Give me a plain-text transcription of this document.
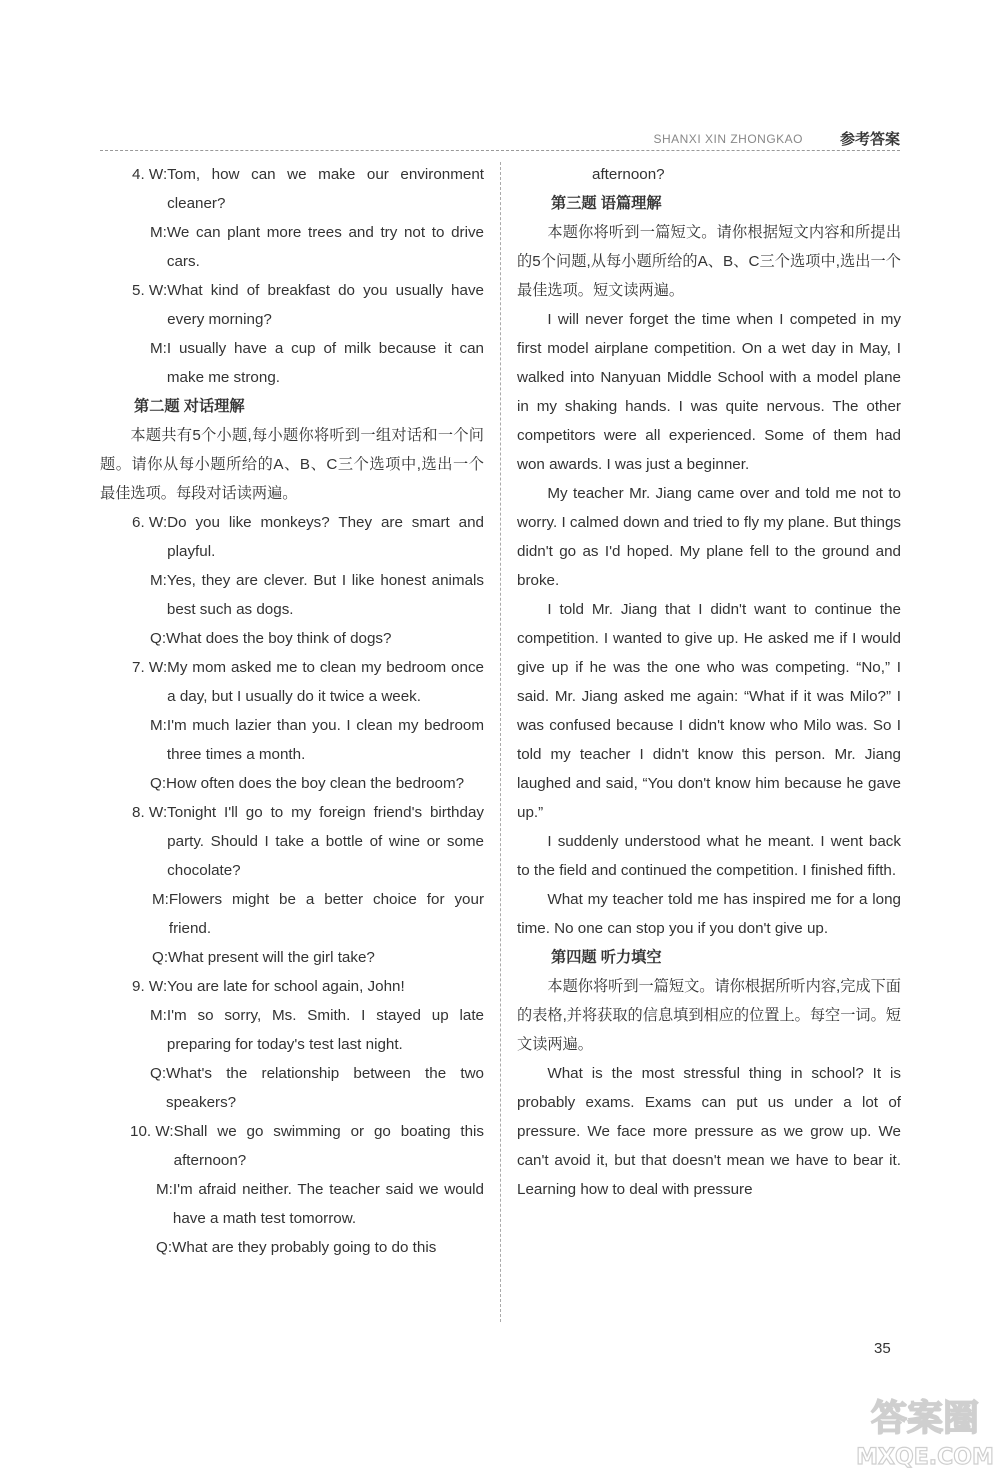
SHANXI XIN ZHONGKAO 参考答案
4. W: Tom, how can we make our environment cleaner?
M: We can plant more trees and try not to drive cars.
5. W: What kind of breakfast do you usually have every morning?
M: I usually have a cup of milk because it can make me strong.
第二题 对话理解
本题共有5个小题,每小题你将听到一组对话和一个问题。请你从每小题所给的A、B、C三个选项中,选出一个最佳选项。每段对话读两遍。
6. W: Do you like monkeys? They are smart and playful.
M: Yes, they are clever. But I like honest animals best such as dogs.
Q: What does the boy think of dogs?
7. W: My mom asked me to clean my bedroom once a day, but I usually do it twice a week.
M: I'm much lazier than you. I clean my bedroom three times a month.
Q: How often does the boy clean the bedroom?
8. W: Tonight I'll go to my foreign friend's birthday party. Should I take a bottle of wine or some chocolate?
M: Flowers might be a better choice for your friend.
Q: What present will the girl take?
9. W: You are late for school again, John!
M: I'm so sorry, Ms. Smith. I stayed up late preparing for today's test last night.
Q: What's the relationship between the two speakers?
10. W: Shall we go swimming or go boating this afternoon?
M: I'm afraid neither. The teacher said we would have a math test tomorrow.
Q: What are they probably going to do this
afternoon?
第三题 语篇理解
本题你将听到一篇短文。请你根据短文内容和所提出的5个问题,从每小题所给的A、B、C三个选项中,选出一个最佳选项。短文读两遍。
I will never forget the time when I competed in my first model airplane competition. On a wet day in May, I walked into Nanyuan Middle School with a model plane in my shaking hands. I was quite nervous. The other competitors were all experienced. Some of them had won awards. I was just a beginner.
My teacher Mr. Jiang came over and told me not to worry. I calmed down and tried to fly my plane. But things didn't go as I'd hoped. My plane fell to the ground and broke.
I told Mr. Jiang that I didn't want to continue the competition. I wanted to give up. He asked me if I would give up if he was the one who was competing. “No,” I said. Mr. Jiang asked me again: “What if it was Milo?” I was confused because I didn't know who Milo was. So I told my teacher I didn't know this person. Mr. Jiang laughed and said, “You don't know him because he gave up.”
I suddenly understood what he meant. I went back to the field and continued the competition. I finished fifth.
What my teacher told me has inspired me for a long time. No one can stop you if you don't give up.
第四题 听力填空
本题你将听到一篇短文。请你根据所听内容,完成下面的表格,并将获取的信息填到相应的位置上。每空一词。短文读两遍。
What is the most stressful thing in school? It is probably exams. Exams can put us under a lot of pressure. We face more pressure as we grow up. We can't avoid it, but that doesn't mean we have to bear it. Learning how to deal with pressure
35
答案圈
MXQE.COM
